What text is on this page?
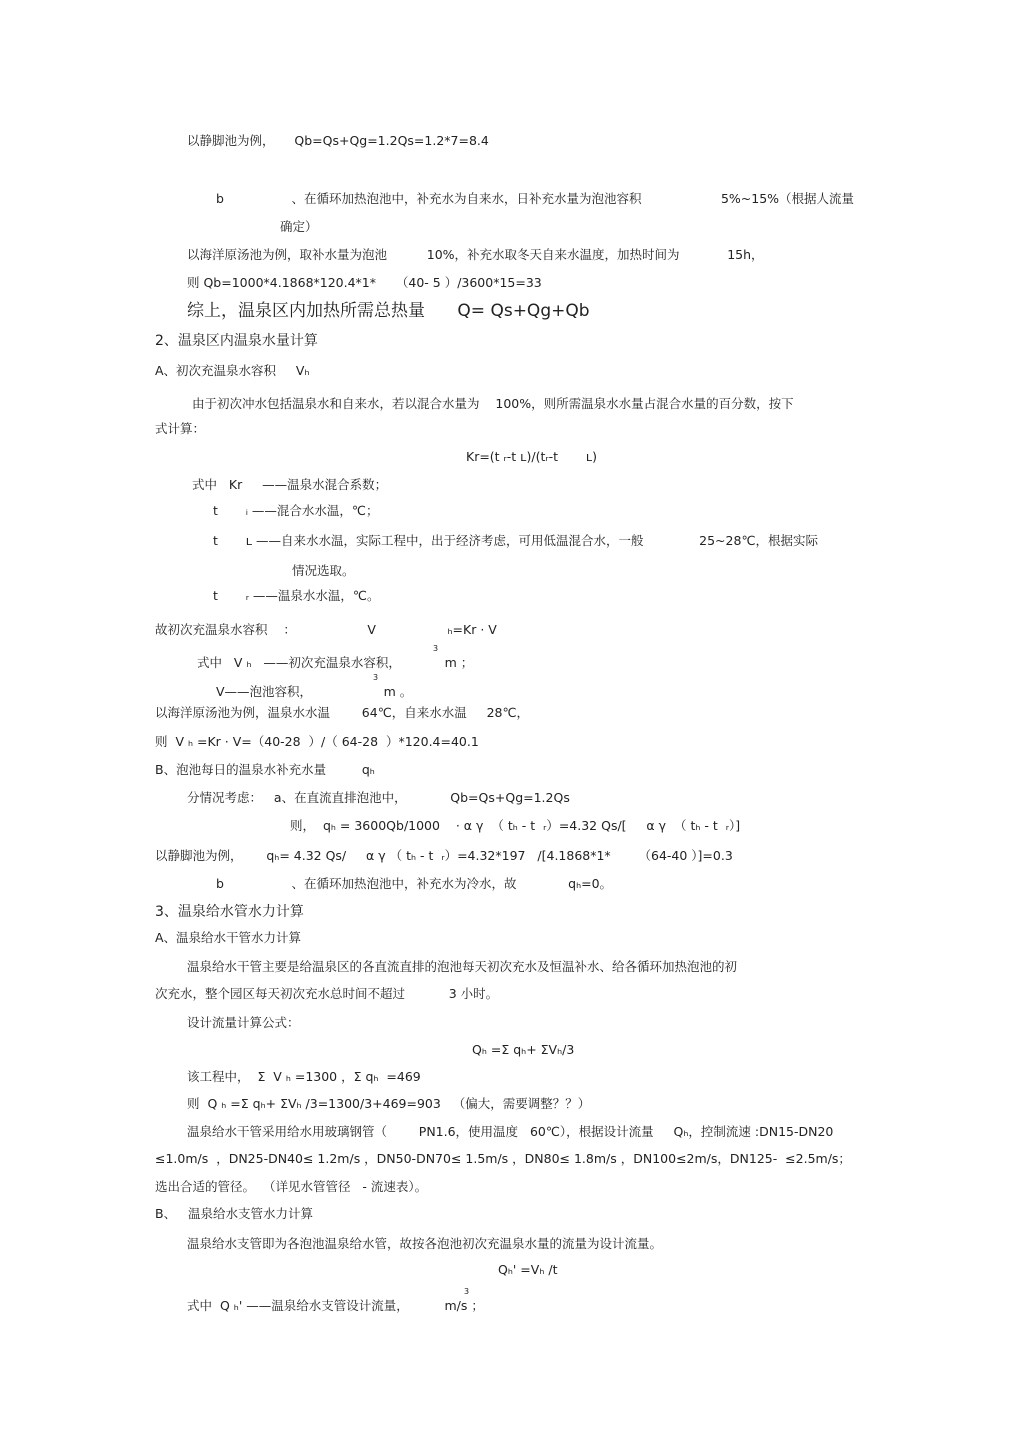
以静脚池为例，     Qb=Qs+Qg=1.2Qs=1.2*7=8.4
b                 、在循环加热泡池中，补充水为自来水，日补充水量为泡池容积                    5%~15%（根据人流量
确定）
以海洋原汤池为例，取补水量为泡池          10%，补充水取冬天自来水温度，加热时间为            15h，
则 Qb=1000*4.1868*120.4*1*     （40- 5 ）/3600*15=33
综上，温泉区内加热所需总热量      Q= Qs+Qg+Qb
2、温泉区内温泉水量计算
A、初次充温泉水容积     Vₕ
由于初次冲水包括温泉水和自来水，若以混合水量为    100%，则所需温泉水水量占混合水量的百分数，按下
式计算：
Kr=(t ᵣ-t ʟ)/(tᵣ-t       ʟ)
式中   Kr     ——温泉水混合系数；
t       ᵢ ——混合水水温，℃；
t       ʟ ——自来水水温，实际工程中，出于经济考虑，可用低温混合水，一般              25~28℃，根据实际
情况选取。
t       ᵣ ——温泉水水温，℃。
故初次充温泉水容积    ：                  V                  ₕ=Kr · V
式中   V ₕ   ——初次充温泉水容积，           m ；
3
V——泡池容积，                  m 。
3
以海洋原汤池为例，温泉水水温        64℃，自来水水温     28℃，
则  V ₕ =Kr · V=（40-28  ）/（ 64-28  ）*120.4=40.1
B、泡池每日的温泉水补充水量         qₕ
分情况考虑：   a、在直流直排泡池中，           Qb=Qs+Qg=1.2Qs
则，  qₕ = 3600Qb/1000    · α γ  （ tₕ - t  ᵣ）=4.32 Qs/[     α γ  （ tₕ - t  ᵣ）]
以静脚池为例，      qₕ= 4.32 Qs/     α γ （ tₕ - t  ᵣ）=4.32*197   /[4.1868*1*       （64-40 ）]=0.3
b                 、在循环加热泡池中，补充水为冷水，故             qₕ=0。
3、温泉给水管水力计算
A、温泉给水干管水力计算
温泉给水干管主要是给温泉区的各直流直排的泡池每天初次充水及恒温补水、给各循环加热泡池的初
次充水，整个园区每天初次充水总时间不超过           3 小时。
设计流量计算公式：
Qₕ =Σ qₕ+ ΣVₕ/3
该工程中，  Σ  V ₕ =1300 ，Σ qₕ  =469
则  Q ₕ =Σ qₕ+ ΣVₕ /3=1300/3+469=903   （偏大，需要调整？？）
温泉给水干管采用给水用玻璃钢管（        PN1.6，使用温度   60℃），根据设计流量     Qₕ，控制流速 :DN15-DN20
≤1.0m/s  ，DN25-DN40≤ 1.2m/s ，DN50-DN70≤ 1.5m/s ，DN80≤ 1.8m/s ，DN100≤2m/s，DN125-  ≤2.5m/s；
选出合适的管径。  （详见水管管径   - 流速表）。
B、   温泉给水支管水力计算
温泉给水支管即为各泡池温泉给水管，故按各泡池初次充温泉水量的流量为设计流量。
Qₕ' =Vₕ /t
式中  Q ₕ' ——温泉给水支管设计流量，         m/s ；
3
